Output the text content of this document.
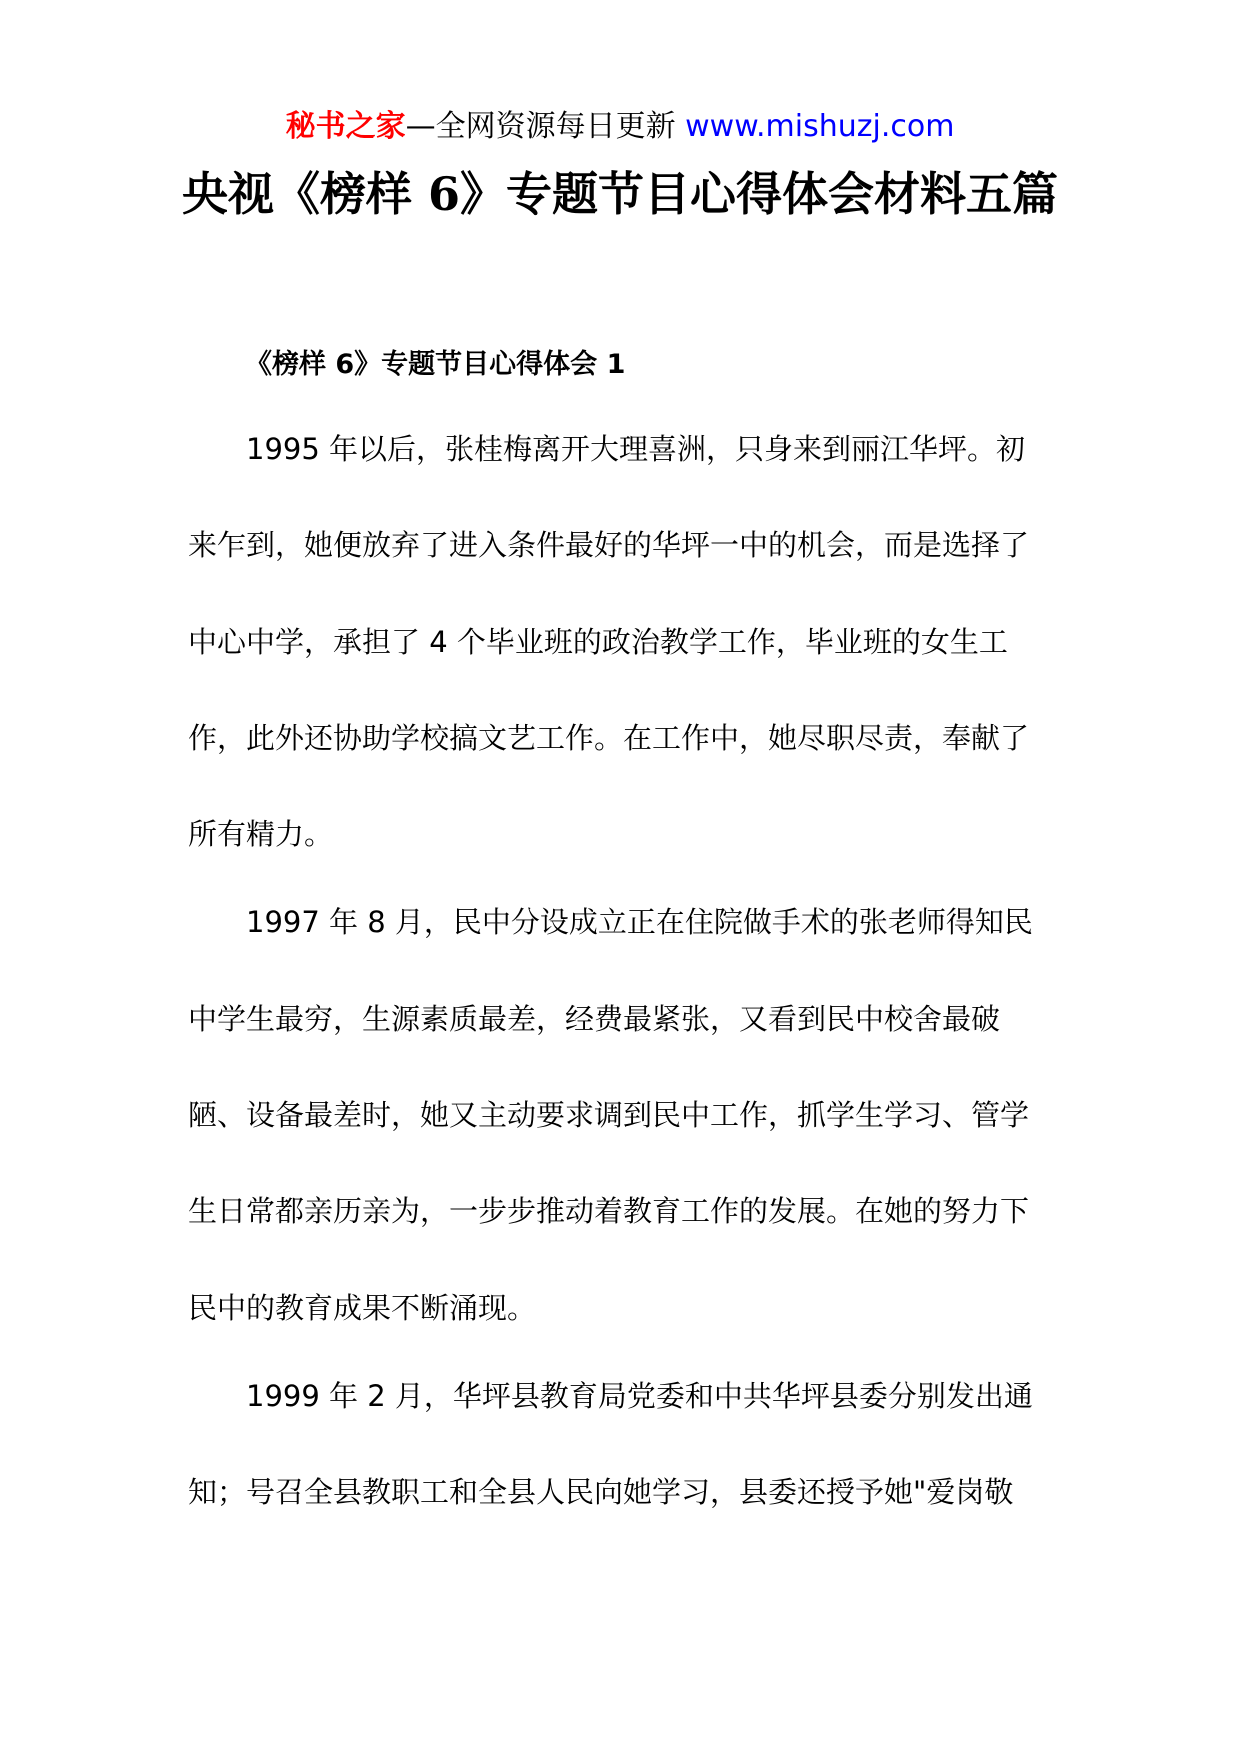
秘书之家—全网资源每日更新 www.mishuzj.com
央视《榜样 6》专题节目心得体会材料五篇
《榜样 6》专题节目心得体会 1
1995 年以后，张桂梅离开大理喜洲，只身来到丽江华坪。初
来乍到，她便放弃了进入条件最好的华坪一中的机会，而是选择了
中心中学，承担了 4 个毕业班的政治教学工作，毕业班的女生工
作，此外还协助学校搞文艺工作。在工作中，她尽职尽责，奉献了
所有精力。
1997 年 8 月，民中分设成立正在住院做手术的张老师得知民
中学生最穷，生源素质最差，经费最紧张，又看到民中校舍最破
陋、设备最差时，她又主动要求调到民中工作，抓学生学习、管学
生日常都亲历亲为，一步步推动着教育工作的发展。在她的努力下
民中的教育成果不断涌现。
1999 年 2 月，华坪县教育局党委和中共华坪县委分别发出通
知；号召全县教职工和全县人民向她学习，县委还授予她"爱岗敬
